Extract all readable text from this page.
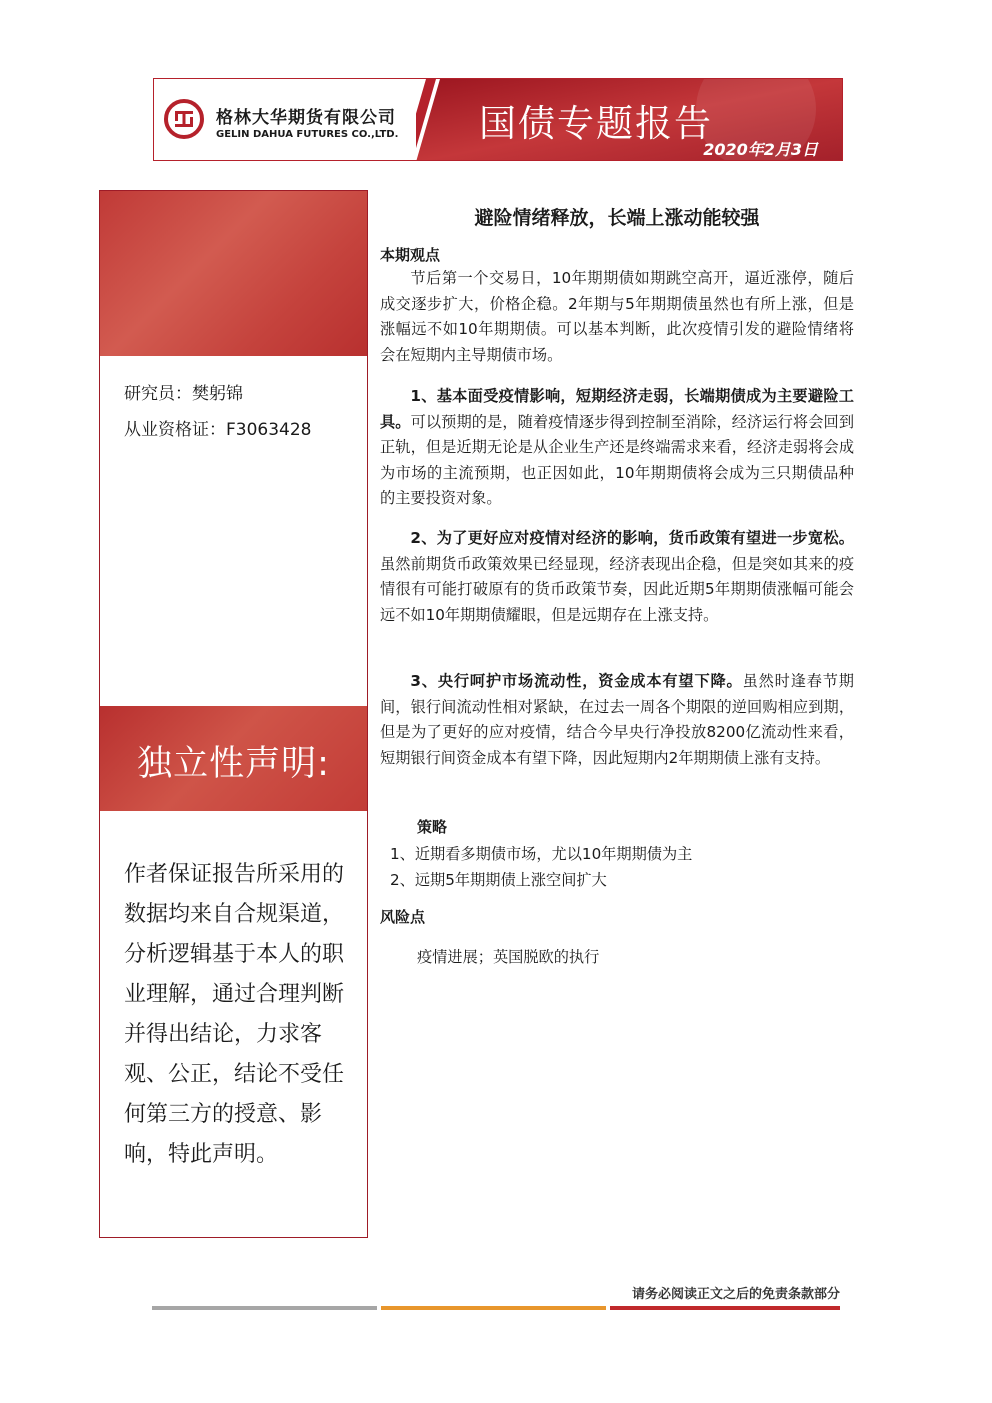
格林大华期货有限公司
GELIN DAHUA FUTURES CO.,LTD. 国债专题报告
2020年2月3日
研究员：樊躬锦
从业资格证：F3063428
独立性声明:
作者保证报告所采用的数据均来自合规渠道，分析逻辑基于本人的职业理解，通过合理判断并得出结论，力求客观、公正，结论不受任何第三方的授意、影响，特此声明。
避险情绪释放，长端上涨动能较强
本期观点
节后第一个交易日，10年期期债如期跳空高开，逼近涨停，随后成交逐步扩大，价格企稳。2年期与5年期期债虽然也有所上涨，但是涨幅远不如10年期期债。可以基本判断，此次疫情引发的避险情绪将会在短期内主导期债市场。
1、基本面受疫情影响，短期经济走弱，长端期债成为主要避险工具。可以预期的是，随着疫情逐步得到控制至消除，经济运行将会回到正轨，但是近期无论是从企业生产还是终端需求来看，经济走弱将会成为市场的主流预期，也正因如此，10年期期债将会成为三只期债品种的主要投资对象。
2、为了更好应对疫情对经济的影响，货币政策有望进一步宽松。虽然前期货币政策效果已经显现，经济表现出企稳，但是突如其来的疫情很有可能打破原有的货币政策节奏，因此近期5年期期债涨幅可能会远不如10年期期债耀眼，但是远期存在上涨支持。
3、央行呵护市场流动性，资金成本有望下降。虽然时逢春节期间，银行间流动性相对紧缺，在过去一周各个期限的逆回购相应到期，但是为了更好的应对疫情，结合今早央行净投放8200亿流动性来看，短期银行间资金成本有望下降，因此短期内2年期期债上涨有支持。
策略
1、近期看多期债市场，尤以10年期期债为主
2、远期5年期期债上涨空间扩大
风险点
疫情进展；英国脱欧的执行
请务必阅读正文之后的免责条款部分
